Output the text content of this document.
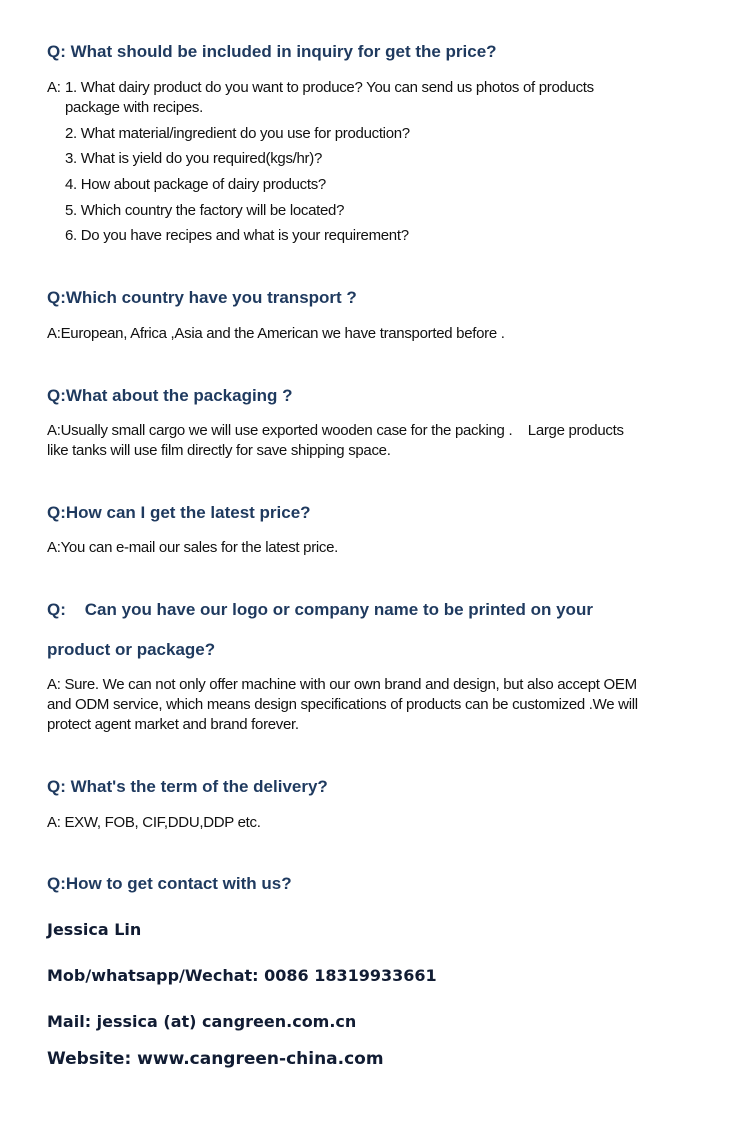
Q: What should be included in inquiry for get the price?
A: 1. What dairy product do you want to produce? You can send us photos of products
package with recipes.
2. What material/ingredient do you use for production?
3. What is yield do you required(kgs/hr)?
4. How about package of dairy products?
5. Which country the factory will be located?
6. Do you have recipes and what is your requirement?
Q:Which country have you transport ?
A:European, Africa ,Asia and the American we have transported before .
Q:What about the packaging ?
A:Usually small cargo we will use exported wooden case for the packing .    Large products
like tanks will use film directly for save shipping space.
Q:How can I get the latest price?
A:You can e-mail our sales for the latest price.
Q:    Can you have our logo or company name to be printed on your
product or package?
A: Sure. We can not only offer machine with our own brand and design, but also accept OEM
and ODM service, which means design specifications of products can be customized .We will
protect agent market and brand forever.
Q: What's the term of the delivery?
A: EXW, FOB, CIF,DDU,DDP etc.
Q:How to get contact with us?
Jessica Lin
Mob/whatsapp/Wechat: 0086 18319933661
Mail: jessica (at) cangreen.com.cn
Website: www.cangreen-china.com
